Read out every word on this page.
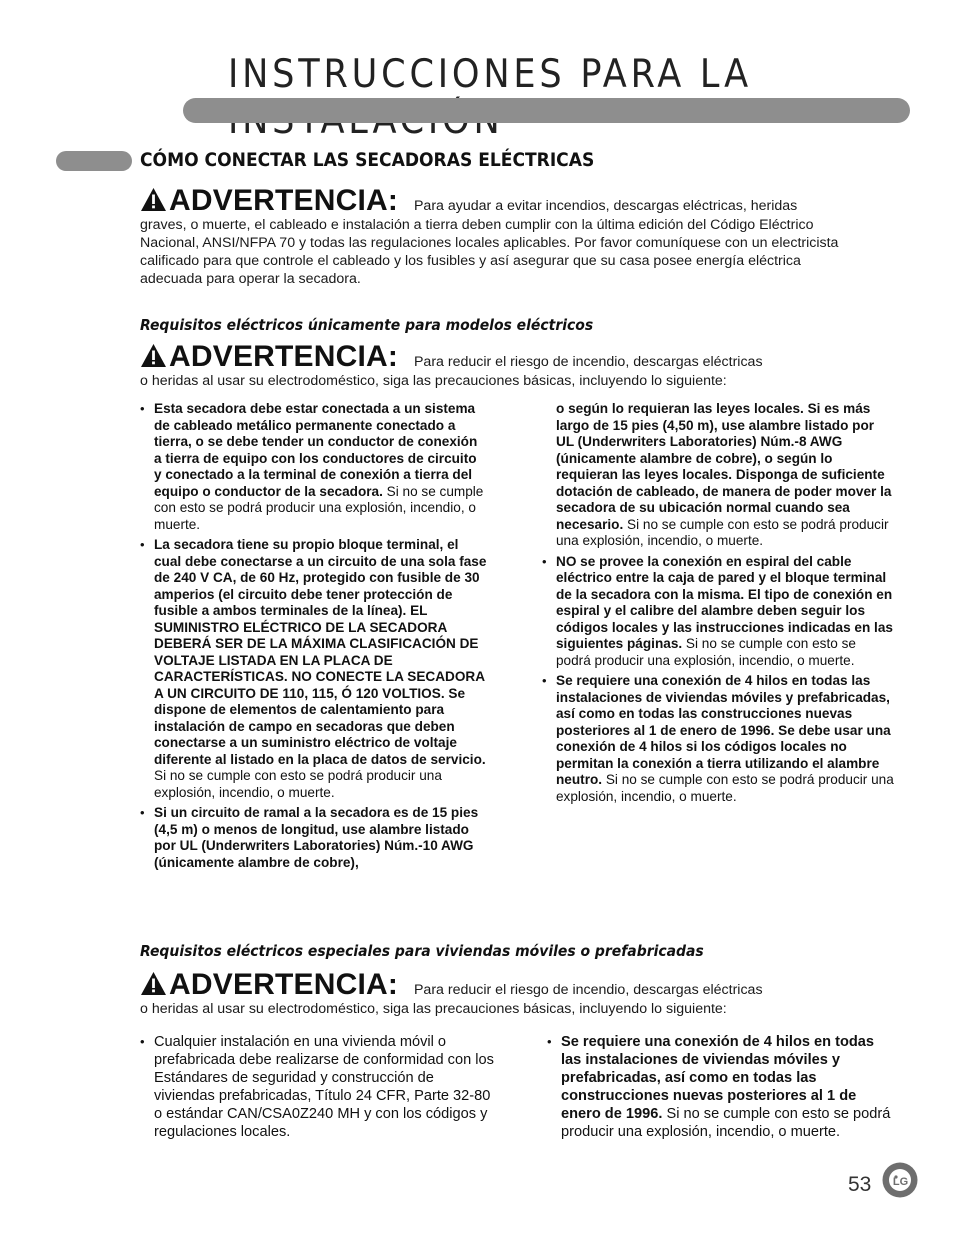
INSTRUCCIONES PARA LA
CÓMO CONECTAR LAS SECADORAS ELÉCTRICAS
ADVERTENCIA: Para ayudar a evitar incendios, descargas eléctricas, heridas
graves, o muerte, el cableado e instalación a tierra deben cumplir con la última edición del Código Eléctrico Nacional, ANSI/NFPA 70 y todas las regulaciones locales aplicables. Por favor comuníquese con un electricista calificado para que controle el cableado y los fusibles y así asegurar que su casa posee energía eléctrica adecuada para operar la secadora.
Requisitos eléctricos únicamente para modelos eléctricos
ADVERTENCIA: Para reducir el riesgo de incendio, descargas eléctricas
o heridas al usar su electrodoméstico, siga las precauciones básicas, incluyendo lo siguiente:
• Esta secadora debe estar conectada a un sistema de cableado metálico permanente conectado a tierra, o se debe tender un conductor de conexión a tierra de equipo con los conductores de circuito y conectado a la terminal de conexión a tierra del equipo o conductor de la secadora. Si no se cumple con esto se podrá producir una explosión, incendio, o muerte.
• La secadora tiene su propio bloque terminal, el cual debe conectarse a un circuito de una sola fase de 240 V CA, de 60 Hz, protegido con fusible de 30 amperios (el circuito debe tener protección de fusible a ambos terminales de la línea). EL SUMINISTRO ELÉCTRICO DE LA SECADORA DEBERÁ SER DE LA MÁXIMA CLASIFICACIÓN DE VOLTAJE LISTADA EN LA PLACA DE CARACTERÍSTICAS. NO CONECTE LA SECADORA A UN CIRCUITO DE 110, 115, Ó 120 VOLTIOS. Se dispone de elementos de calentamiento para instalación de campo en secadoras que deben conectarse a un suministro eléctrico de voltaje diferente al listado en la placa de datos de servicio. Si no se cumple con esto se podrá producir una explosión, incendio, o muerte.
• Si un circuito de ramal a la secadora es de 15 pies (4,5 m) o menos de longitud, use alambre listado por UL (Underwriters Laboratories) Núm.-10 AWG (únicamente alambre de cobre),
o según lo requieran las leyes locales. Si es más largo de 15 pies (4,50 m), use alambre listado por UL (Underwriters Laboratories) Núm.-8 AWG (únicamente alambre de cobre), o según lo requieran las leyes locales. Disponga de suficiente dotación de cableado, de manera de poder mover la secadora de su ubicación normal cuando sea necesario. Si no se cumple con esto se podrá producir una explosión, incendio, o muerte.
• NO se provee la conexión en espiral del cable eléctrico entre la caja de pared y el bloque terminal de la secadora con la misma. El tipo de conexión en espiral y el calibre del alambre deben seguir los códigos locales y las instrucciones indicadas en las siguientes páginas. Si no se cumple con esto se podrá producir una explosión, incendio, o muerte.
• Se requiere una conexión de 4 hilos en todas las instalaciones de viviendas móviles y prefabricadas, así como en todas las construcciones nuevas posteriores al 1 de enero de 1996. Se debe usar una conexión de 4 hilos si los códigos locales no permitan la conexión a tierra utilizando el alambre neutro. Si no se cumple con esto se podrá producir una explosión, incendio, o muerte.
Requisitos eléctricos especiales para viviendas móviles o prefabricadas
ADVERTENCIA: Para reducir el riesgo de incendio, descargas eléctricas
o heridas al usar su electrodoméstico, siga las precauciones básicas, incluyendo lo siguiente:
• Cualquier instalación en una vivienda móvil o prefabricada debe realizarse de conformidad con los Estándares de seguridad y construcción de viviendas prefabricadas, Título 24 CFR, Parte 32-80 o estándar CAN/CSA0Z240 MH y con los códigos y regulaciones locales.
• Se requiere una conexión de 4 hilos en todas las instalaciones de viviendas móviles y prefabricadas, así como en todas las construcciones nuevas posteriores al 1 de enero de 1996. Si no se cumple con esto se podrá producir una explosión, incendio, o muerte.
53 LG
